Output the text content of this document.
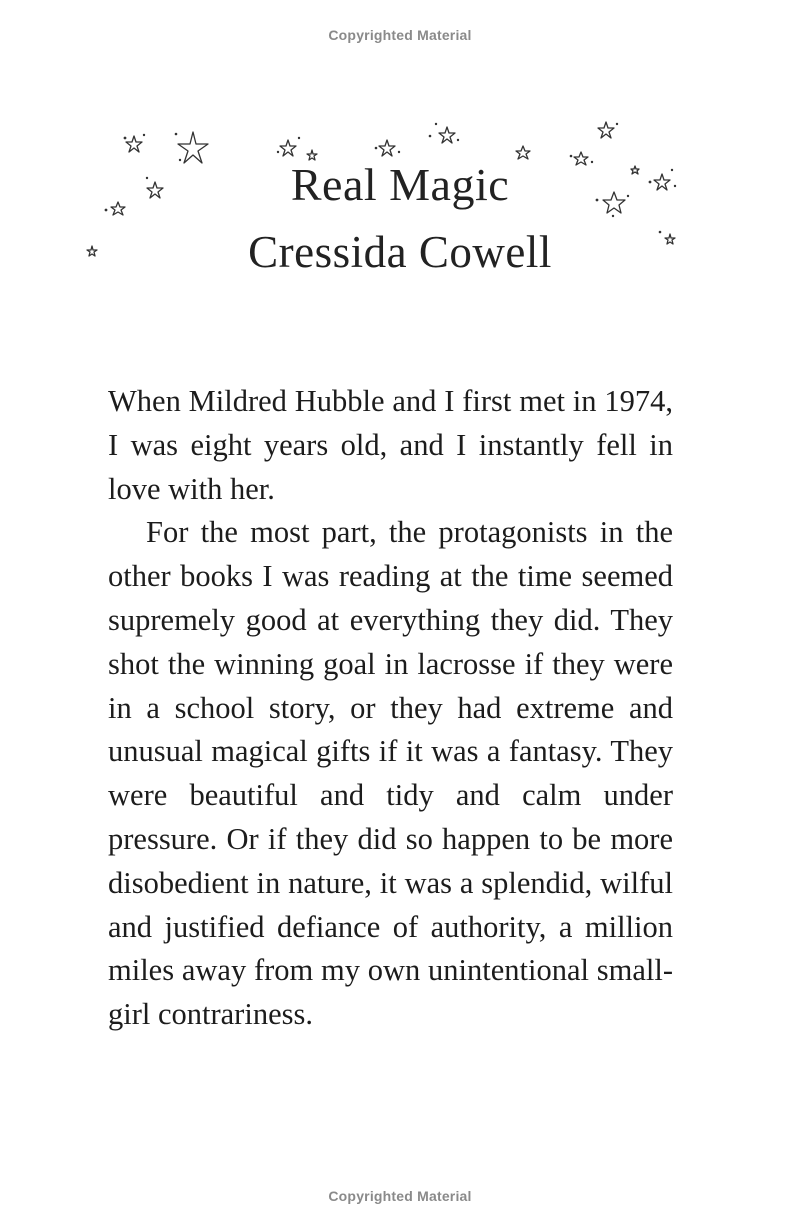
Copyrighted Material
Real Magic
Cressida Cowell

When Mildred Hubble and I first met in 1974, I was eight years old, and I instantly fell in love with her.

For the most part, the protagonists in the other books I was reading at the time seemed supremely good at everything they did. They shot the winning goal in lacrosse if they were in a school story, or they had extreme and unusual magical gifts if it was a fantasy. They were beautiful and tidy and calm under pressure. Or if they did so happen to be more disobedient in nature, it was a splendid, wilful and justified defiance of authority, a million miles away from my own unintentional small-girl contrariness.

Copyrighted Material
